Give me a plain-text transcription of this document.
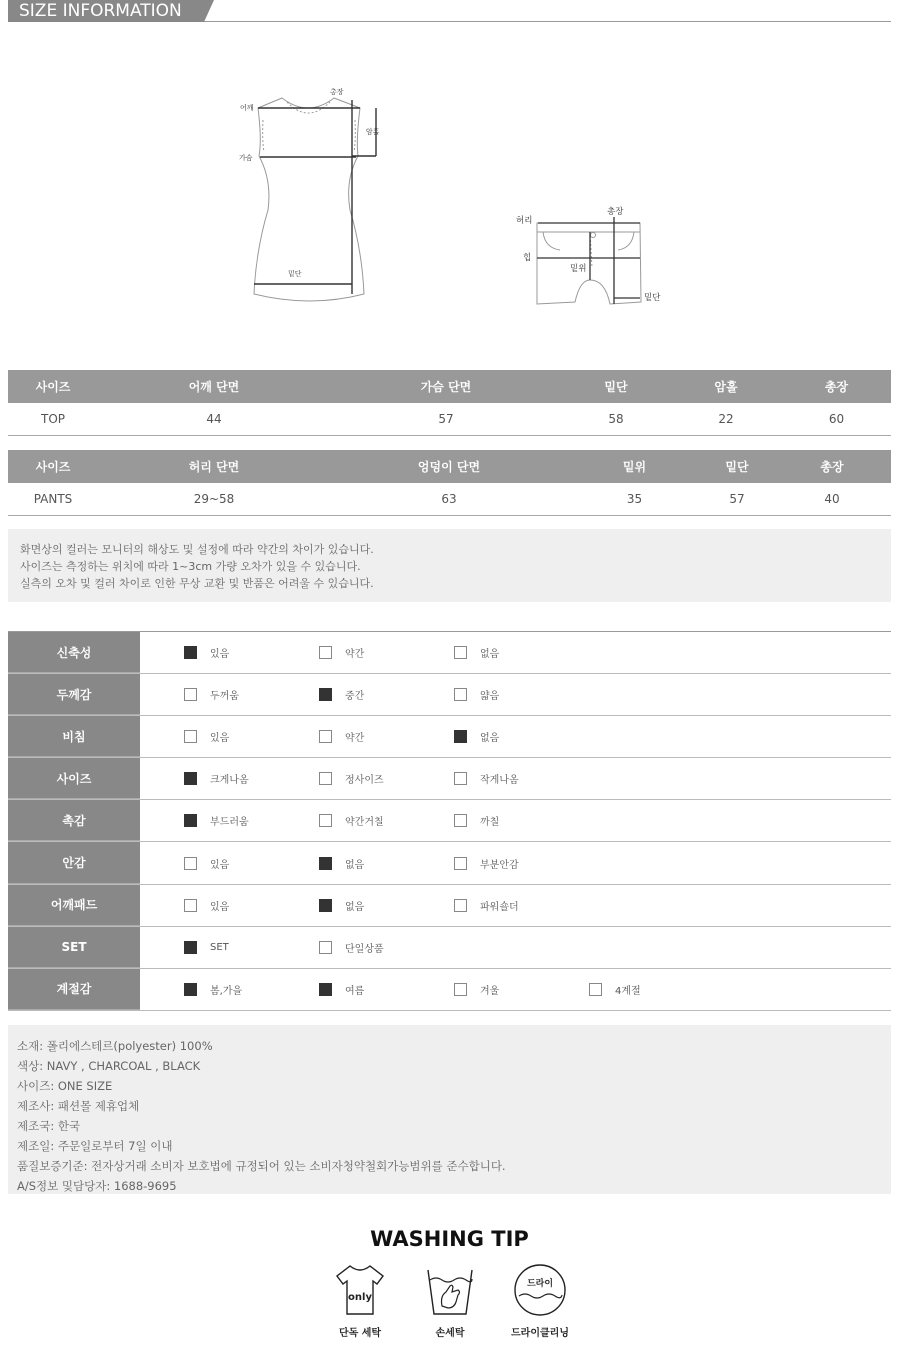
SIZE INFORMATION
어깨
총장
암홀
가슴
밑단
허리
총장
힙
밑위
밑단
사이즈	어깨 단면	가슴 단면	밑단	암홀	총장
TOP	44	57	58	22	60
사이즈	허리 단면	엉덩이 단면	밑위	밑단	총장
PANTS	29~58	63	35	57	40
화면상의 컬러는 모니터의 해상도 및 설정에 따라 약간의 차이가 있습니다.
사이즈는 측정하는 위치에 따라 1~3cm 가량 오차가 있을 수 있습니다.
실측의 오차 및 컬러 차이로 인한 무상 교환 및 반품은 어려울 수 있습니다.
신축성	있음	약간	없음
두께감	두꺼움	중간	얇음
비침	있음	약간	없음
사이즈	크게나옴	정사이즈	작게나옴
촉감	부드러움	약간거칠	까칠
안감	있음	없음	부분안감
어깨패드	있음	없음	파워숄더
SET	SET	단일상품
계절감	봄,가을	여름	겨울	4계절
소재: 폴리에스테르(polyester) 100%
색상: NAVY , CHARCOAL , BLACK
사이즈: ONE SIZE
제조사: 패션몰 제휴업체
제조국: 한국
제조일: 주문일로부터 7일 이내
품질보증기준: 전자상거래 소비자 보호법에 규정되어 있는 소비자청약철회가능범위를 준수합니다.
A/S정보 및담당자: 1688-9695
WASHING TIP
only
단독 세탁	손세탁
드라이
드라이클리닝
